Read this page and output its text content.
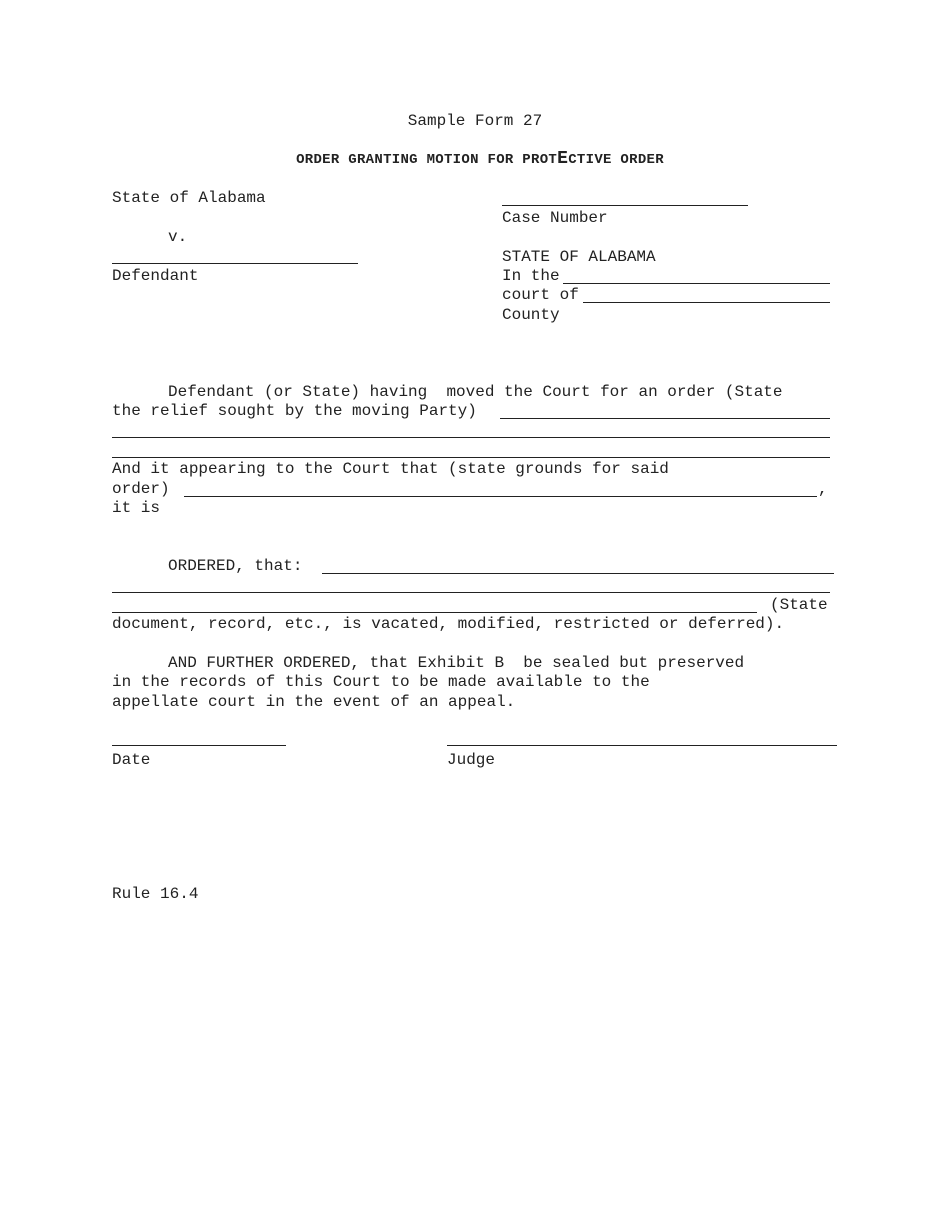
Sample Form 27
ORDER GRANTING MOTION FOR PROTECTIVE ORDER
State of Alabama
v.
Defendant
Case Number
STATE OF ALABAMA
In the
court of
County
Defendant (or State) having  moved the Court for an order (State
the relief sought by the moving Party)
And it appearing to the Court that (state grounds for said
order)	,
it is
ORDERED, that:
(State
document, record, etc., is vacated, modified, restricted or deferred).
AND FURTHER ORDERED, that Exhibit B  be sealed but preserved
in the records of this Court to be made available to the
appellate court in the event of an appeal.
Date	Judge
Rule 16.4
